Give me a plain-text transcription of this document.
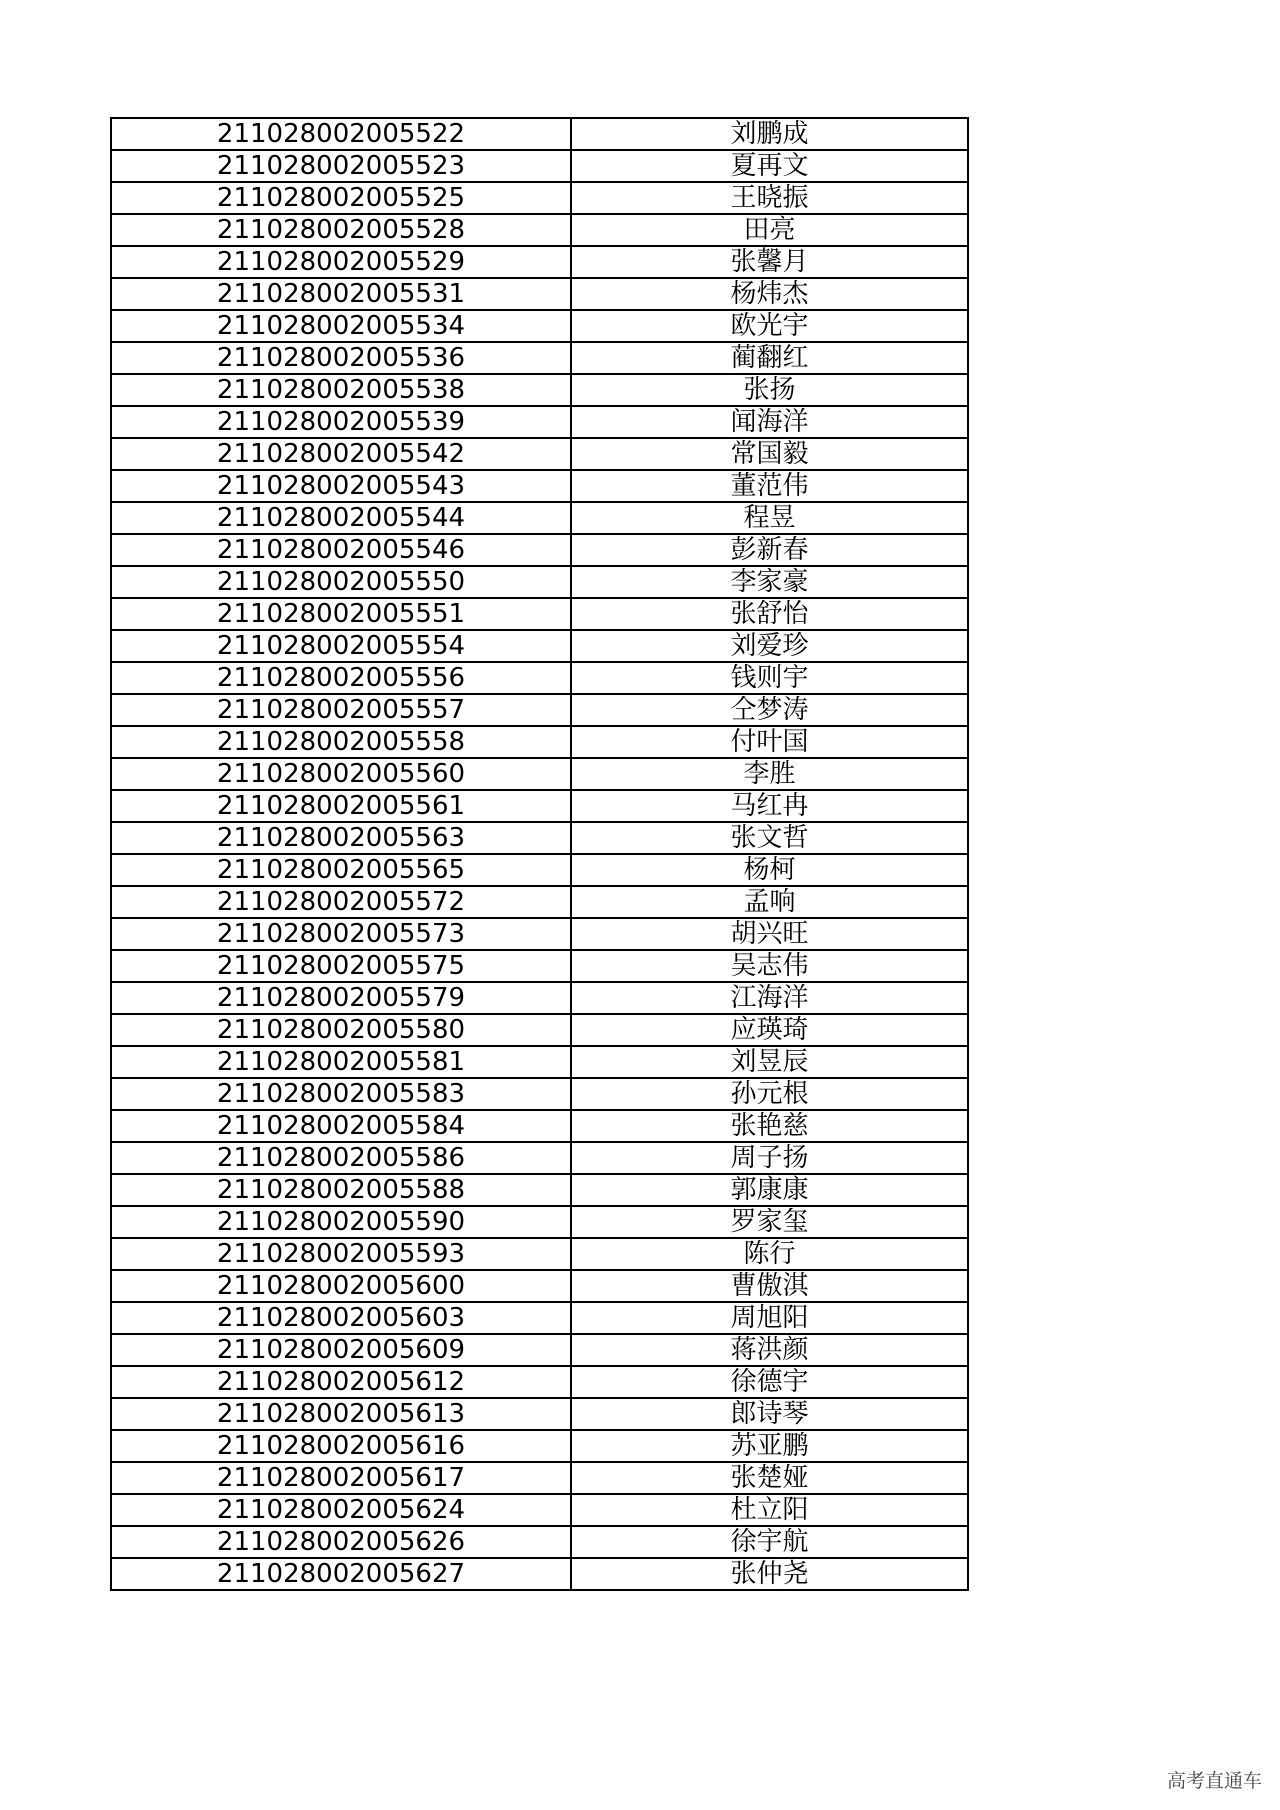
211028002005522	刘鹏成
211028002005523	夏再文
211028002005525	王晓振
211028002005528	田亮
211028002005529	张馨月
211028002005531	杨炜杰
211028002005534	欧光宇
211028002005536	蔺翻红
211028002005538	张扬
211028002005539	闻海洋
211028002005542	常国毅
211028002005543	董范伟
211028002005544	程昱
211028002005546	彭新春
211028002005550	李家豪
211028002005551	张舒怡
211028002005554	刘爱珍
211028002005556	钱则宇
211028002005557	仝梦涛
211028002005558	付叶国
211028002005560	李胜
211028002005561	马红冉
211028002005563	张文哲
211028002005565	杨柯
211028002005572	孟响
211028002005573	胡兴旺
211028002005575	吴志伟
211028002005579	江海洋
211028002005580	应瑛琦
211028002005581	刘昱辰
211028002005583	孙元根
211028002005584	张艳慈
211028002005586	周子扬
211028002005588	郭康康
211028002005590	罗家玺
211028002005593	陈行
211028002005600	曹傲淇
211028002005603	周旭阳
211028002005609	蒋洪颜
211028002005612	徐德宇
211028002005613	郎诗琴
211028002005616	苏亚鹏
211028002005617	张楚娅
211028002005624	杜立阳
211028002005626	徐宇航
211028002005627	张仲尧
高考直通车
